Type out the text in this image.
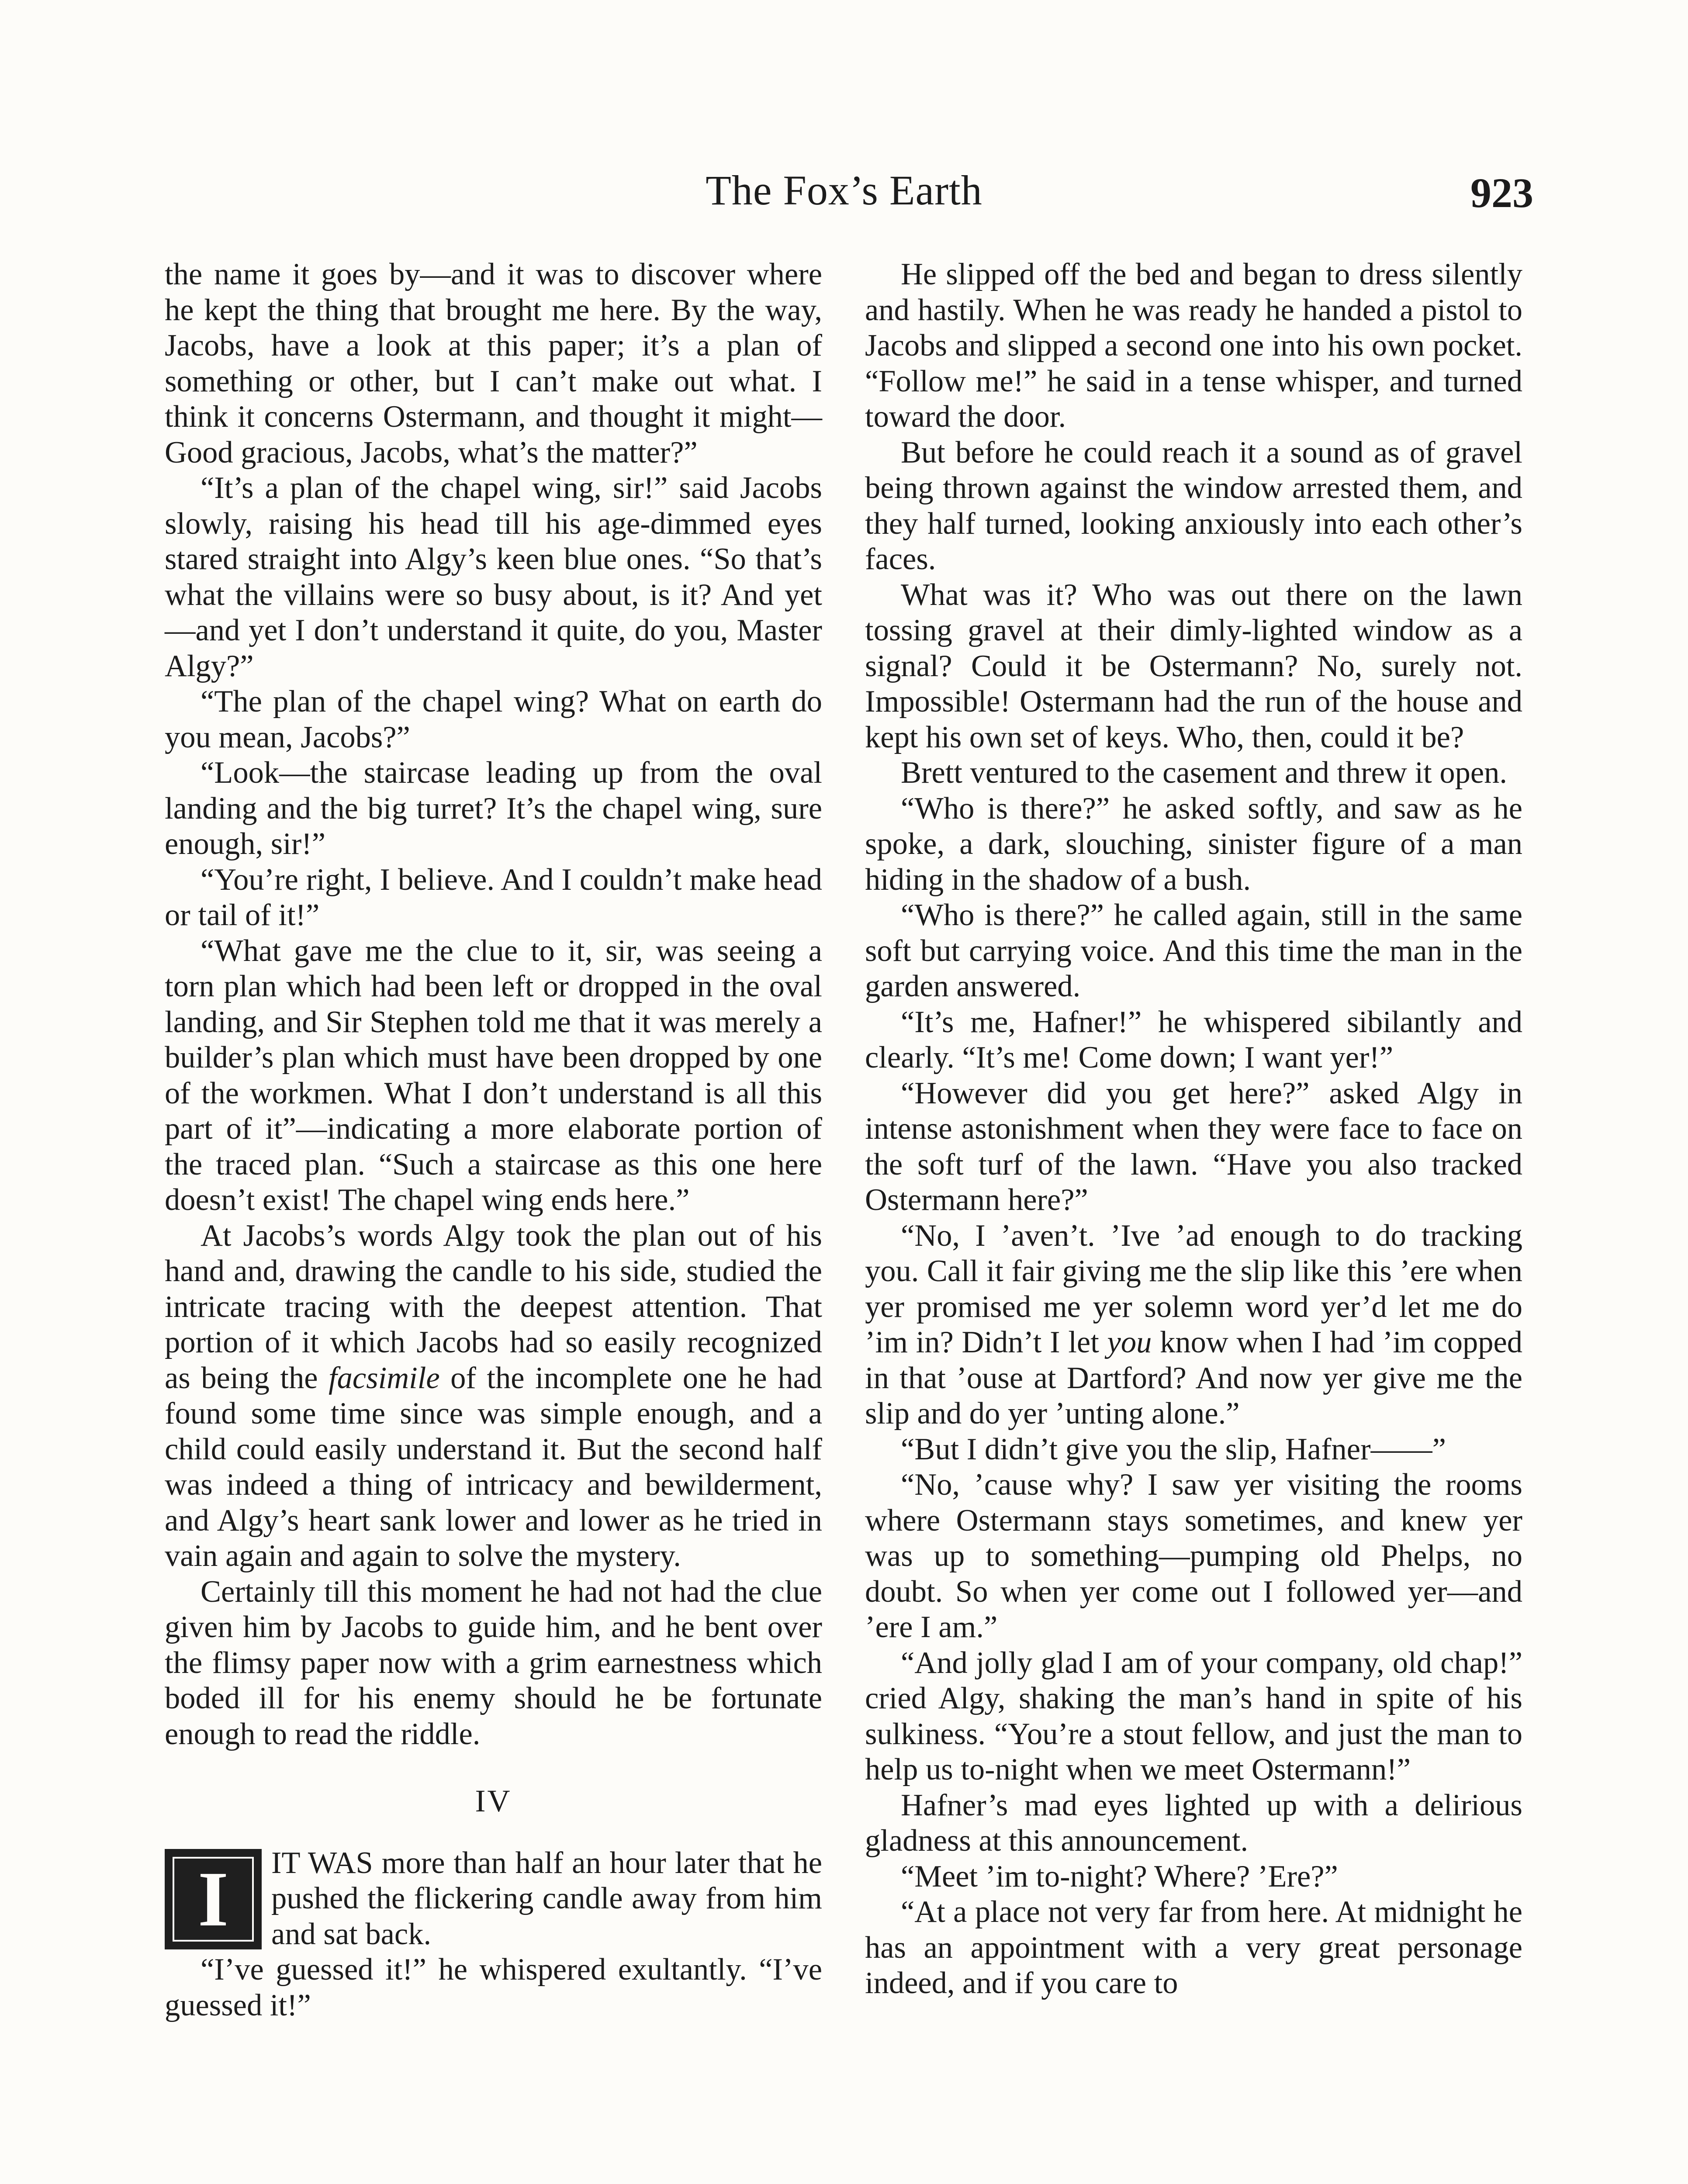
The Fox’s Earth	923

the name it goes by—and it was to discover where he kept the thing that brought me here. By the way, Jacobs, have a look at this paper; it’s a plan of something or other, but I can’t make out what. I think it concerns Ostermann, and thought it might—Good gracious, Jacobs, what’s the matter?”

“It’s a plan of the chapel wing, sir!” said Jacobs slowly, raising his head till his age-dimmed eyes stared straight into Algy’s keen blue ones. “So that’s what the villains were so busy about, is it? And yet—and yet I don’t understand it quite, do you, Master Algy?”

“The plan of the chapel wing? What on earth do you mean, Jacobs?”

“Look—the staircase leading up from the oval landing and the big turret? It’s the chapel wing, sure enough, sir!”

“You’re right, I believe. And I couldn’t make head or tail of it!”

“What gave me the clue to it, sir, was seeing a torn plan which had been left or dropped in the oval landing, and Sir Stephen told me that it was merely a builder’s plan which must have been dropped by one of the workmen. What I don’t understand is all this part of it”—indicating a more elaborate portion of the traced plan. “Such a staircase as this one here doesn’t exist! The chapel wing ends here.”

At Jacobs’s words Algy took the plan out of his hand and, drawing the candle to his side, studied the intricate tracing with the deepest attention. That portion of it which Jacobs had so easily recognized as being the facsimile of the incomplete one he had found some time since was simple enough, and a child could easily understand it. But the second half was indeed a thing of intricacy and bewilderment, and Algy’s heart sank lower and lower as he tried in vain again and again to solve the mystery.

Certainly till this moment he had not had the clue given him by Jacobs to guide him, and he bent over the flimsy paper now with a grim earnestness which boded ill for his enemy should he be fortunate enough to read the riddle.

IV

I	IT WAS more than half an hour later that he pushed the flickering candle away from him and sat back.

“I’ve guessed it!” he whispered exultantly. “I’ve guessed it!”

He slipped off the bed and began to dress silently and hastily. When he was ready he handed a pistol to Jacobs and slipped a second one into his own pocket. “Follow me!” he said in a tense whisper, and turned toward the door.

But before he could reach it a sound as of gravel being thrown against the window arrested them, and they half turned, looking anxiously into each other’s faces.

What was it? Who was out there on the lawn tossing gravel at their dimly-lighted window as a signal? Could it be Ostermann? No, surely not. Impossible! Ostermann had the run of the house and kept his own set of keys. Who, then, could it be?

Brett ventured to the casement and threw it open.

“Who is there?” he asked softly, and saw as he spoke, a dark, slouching, sinister figure of a man hiding in the shadow of a bush.

“Who is there?” he called again, still in the same soft but carrying voice. And this time the man in the garden answered.

“It’s me, Hafner!” he whispered sibilantly and clearly. “It’s me! Come down; I want yer!”

“However did you get here?” asked Algy in intense astonishment when they were face to face on the soft turf of the lawn. “Have you also tracked Ostermann here?”

“No, I ’aven’t. ’Ive ’ad enough to do tracking you. Call it fair giving me the slip like this ’ere when yer promised me yer solemn word yer’d let me do ’im in? Didn’t I let you know when I had ’im copped in that ’ouse at Dartford? And now yer give me the slip and do yer ’unting alone.”

“But I didn’t give you the slip, Hafner——”

“No, ’cause why? I saw yer visiting the rooms where Ostermann stays sometimes, and knew yer was up to something—pumping old Phelps, no doubt. So when yer come out I followed yer—and ’ere I am.”

“And jolly glad I am of your company, old chap!” cried Algy, shaking the man’s hand in spite of his sulkiness. “You’re a stout fellow, and just the man to help us to-night when we meet Ostermann!”

Hafner’s mad eyes lighted up with a delirious gladness at this announcement.

“Meet ’im to-night? Where? ’Ere?”

“At a place not very far from here. At midnight he has an appointment with a very great personage indeed, and if you care to
